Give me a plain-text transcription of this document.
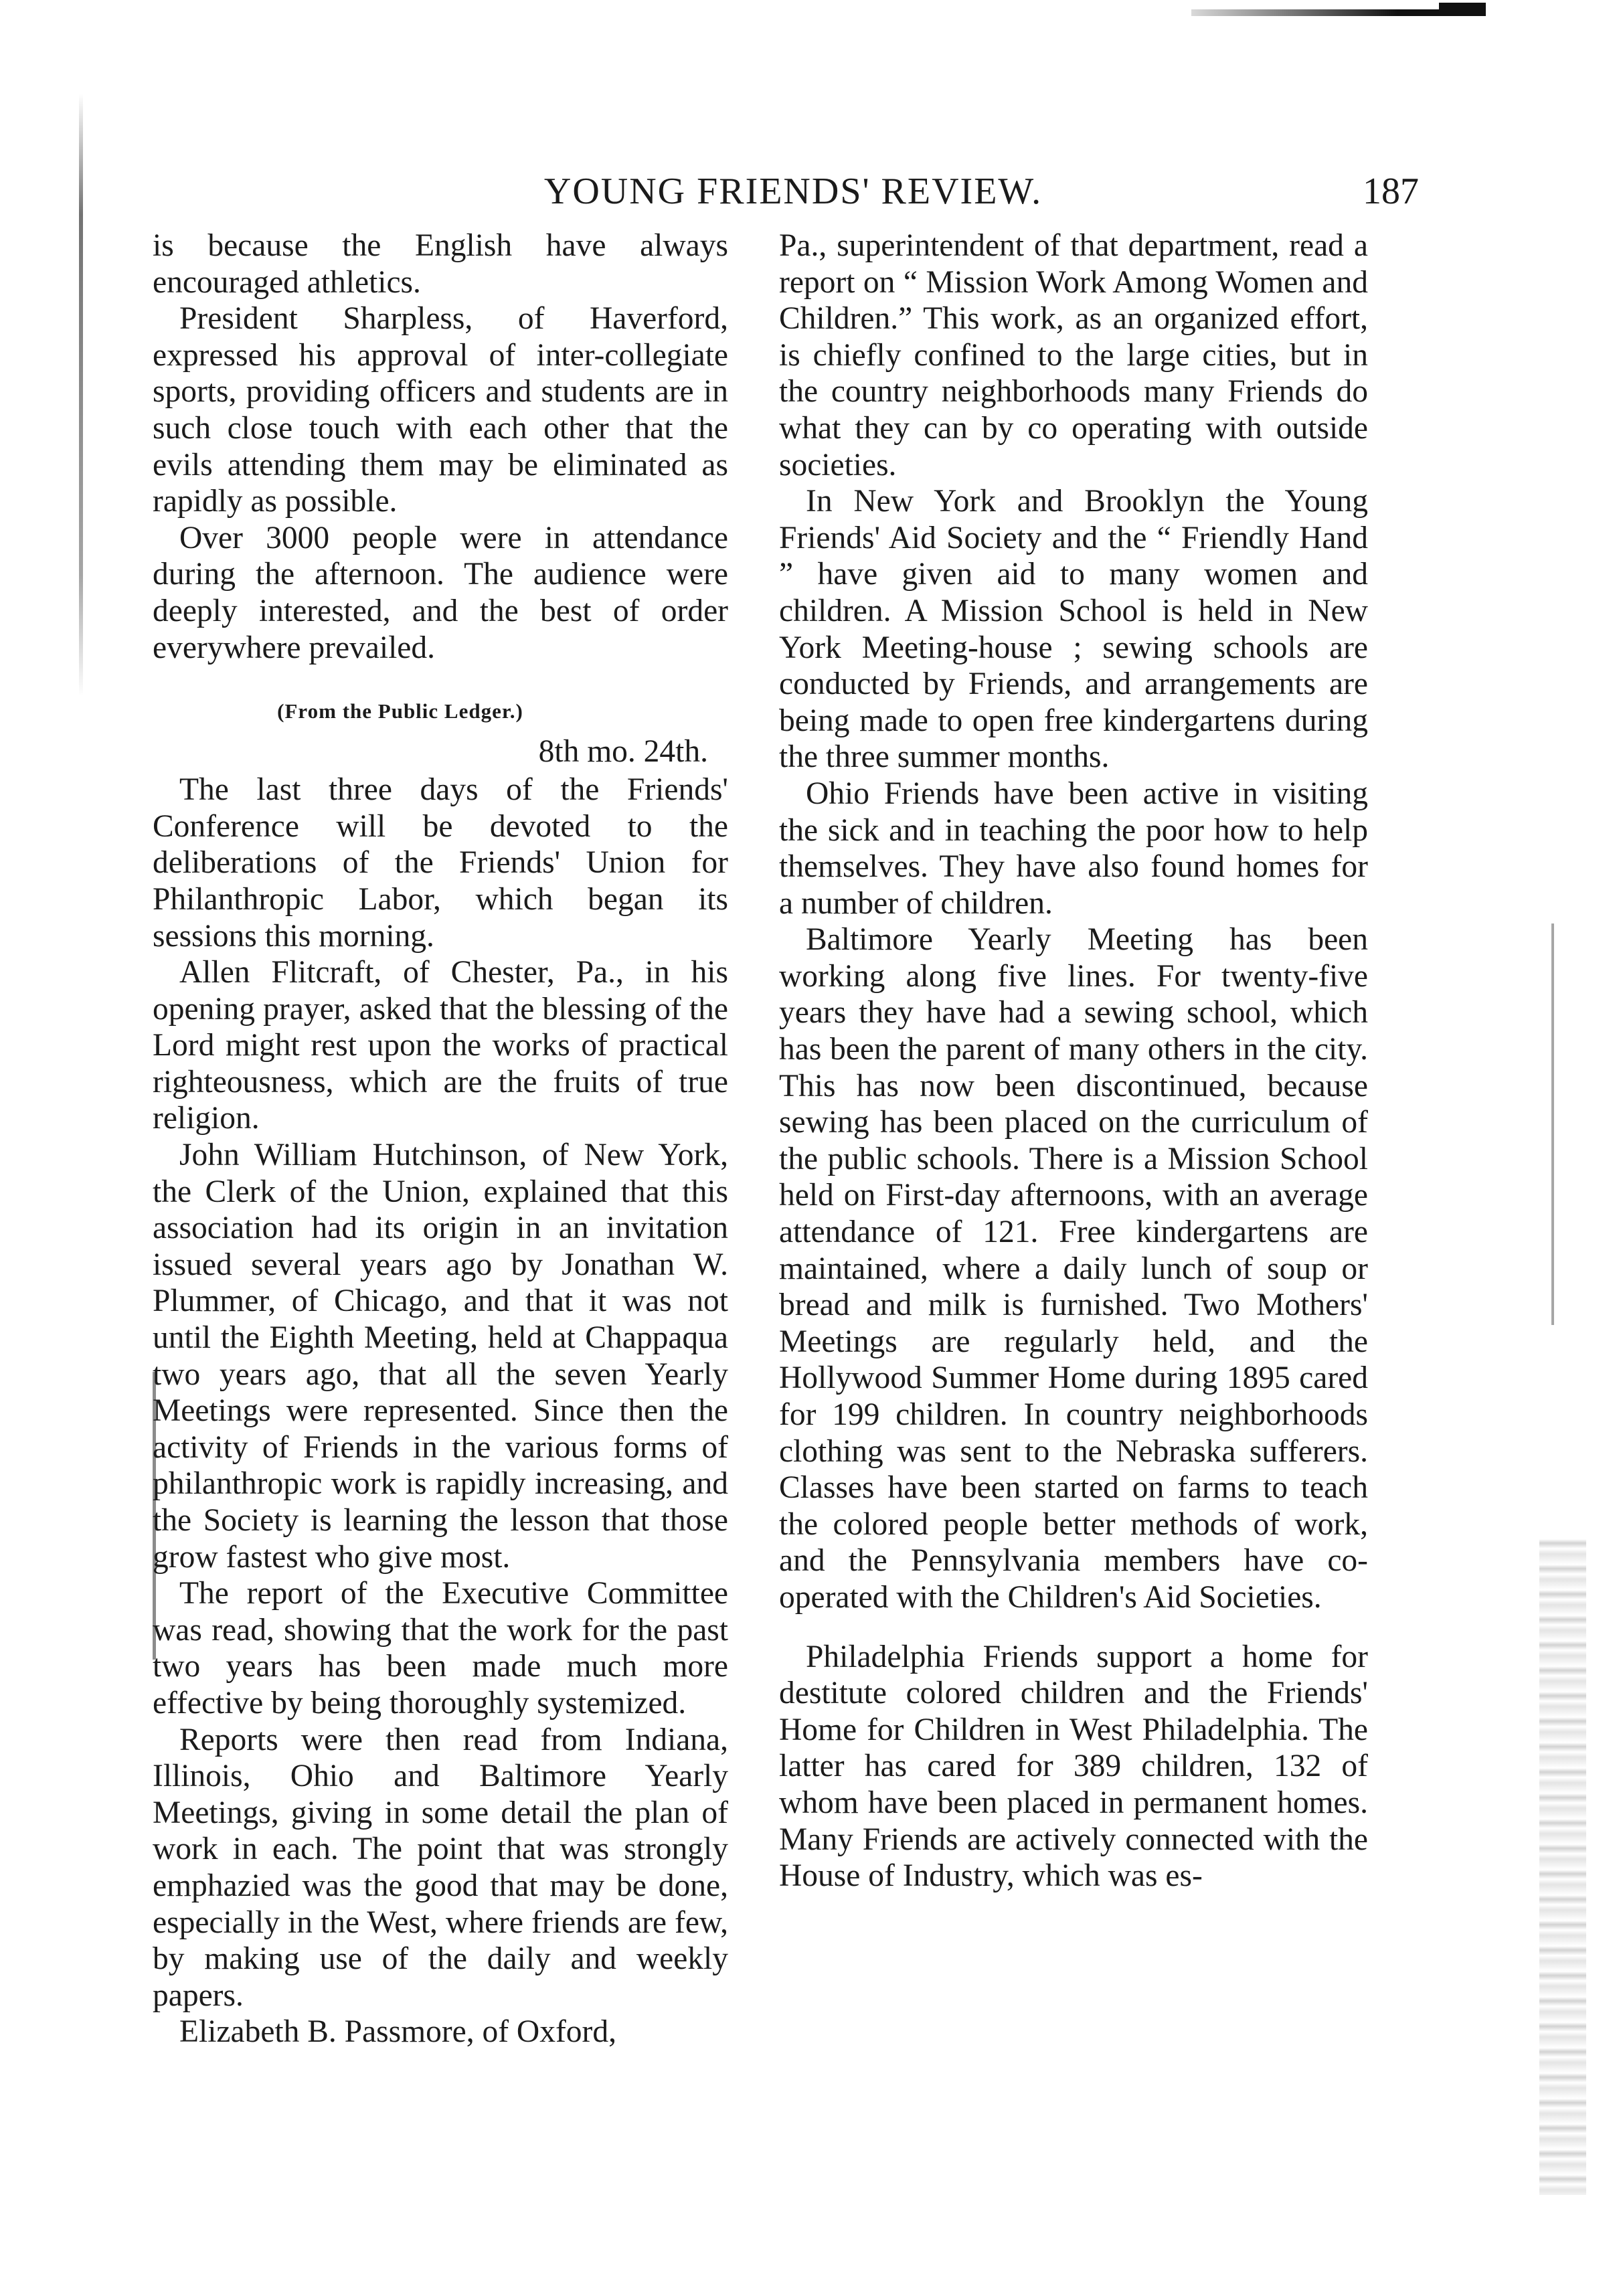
YOUNG FRIENDS' REVIEW.	187

is because the English have always encouraged athletics.

President Sharpless, of Haverford, expressed his approval of inter-collegiate sports, providing officers and students are in such close touch with each other that the evils attending them may be eliminated as rapidly as possible.

Over 3000 people were in attendance during the afternoon. The audience were deeply interested, and the best of order everywhere prevailed.

(From the Public Ledger.)
8th mo. 24th.

The last three days of the Friends' Conference will be devoted to the deliberations of the Friends' Union for Philanthropic Labor, which began its sessions this morning.

Allen Flitcraft, of Chester, Pa., in his opening prayer, asked that the blessing of the Lord might rest upon the works of practical righteousness, which are the fruits of true religion.

John William Hutchinson, of New York, the Clerk of the Union, explained that this association had its origin in an invitation issued several years ago by Jonathan W. Plummer, of Chicago, and that it was not until the Eighth Meeting, held at Chappaqua two years ago, that all the seven Yearly Meetings were represented. Since then the activity of Friends in the various forms of philanthropic work is rapidly increasing, and the Society is learning the lesson that those grow fastest who give most.

The report of the Executive Committee was read, showing that the work for the past two years has been made much more effective by being thoroughly systemized.

Reports were then read from Indiana, Illinois, Ohio and Baltimore Yearly Meetings, giving in some detail the plan of work in each. The point that was strongly emphazied was the good that may be done, especially in the West, where friends are few, by making use of the daily and weekly papers.

Elizabeth B. Passmore, of Oxford,

Pa., superintendent of that department, read a report on “ Mission Work Among Women and Children.” This work, as an organized effort, is chiefly confined to the large cities, but in the country neighborhoods many Friends do what they can by co operating with outside societies.

In New York and Brooklyn the Young Friends' Aid Society and the “ Friendly Hand ” have given aid to many women and children. A Mission School is held in New York Meeting-house ; sewing schools are conducted by Friends, and arrangements are being made to open free kindergartens during the three summer months.

Ohio Friends have been active in visiting the sick and in teaching the poor how to help themselves. They have also found homes for a number of children.

Baltimore Yearly Meeting has been working along five lines. For twenty-five years they have had a sewing school, which has been the parent of many others in the city. This has now been discontinued, because sewing has been placed on the curriculum of the public schools. There is a Mission School held on First-day afternoons, with an average attendance of 121. Free kindergartens are maintained, where a daily lunch of soup or bread and milk is furnished. Two Mothers' Meetings are regularly held, and the Hollywood Summer Home during 1895 cared for 199 children. In country neighborhoods clothing was sent to the Nebraska sufferers. Classes have been started on farms to teach the colored people better methods of work, and the Pennsylvania members have co-operated with the Children's Aid Societies.

Philadelphia Friends support a home for destitute colored children and the Friends' Home for Children in West Philadelphia. The latter has cared for 389 children, 132 of whom have been placed in permanent homes. Many Friends are actively connected with the House of Industry, which was es-
